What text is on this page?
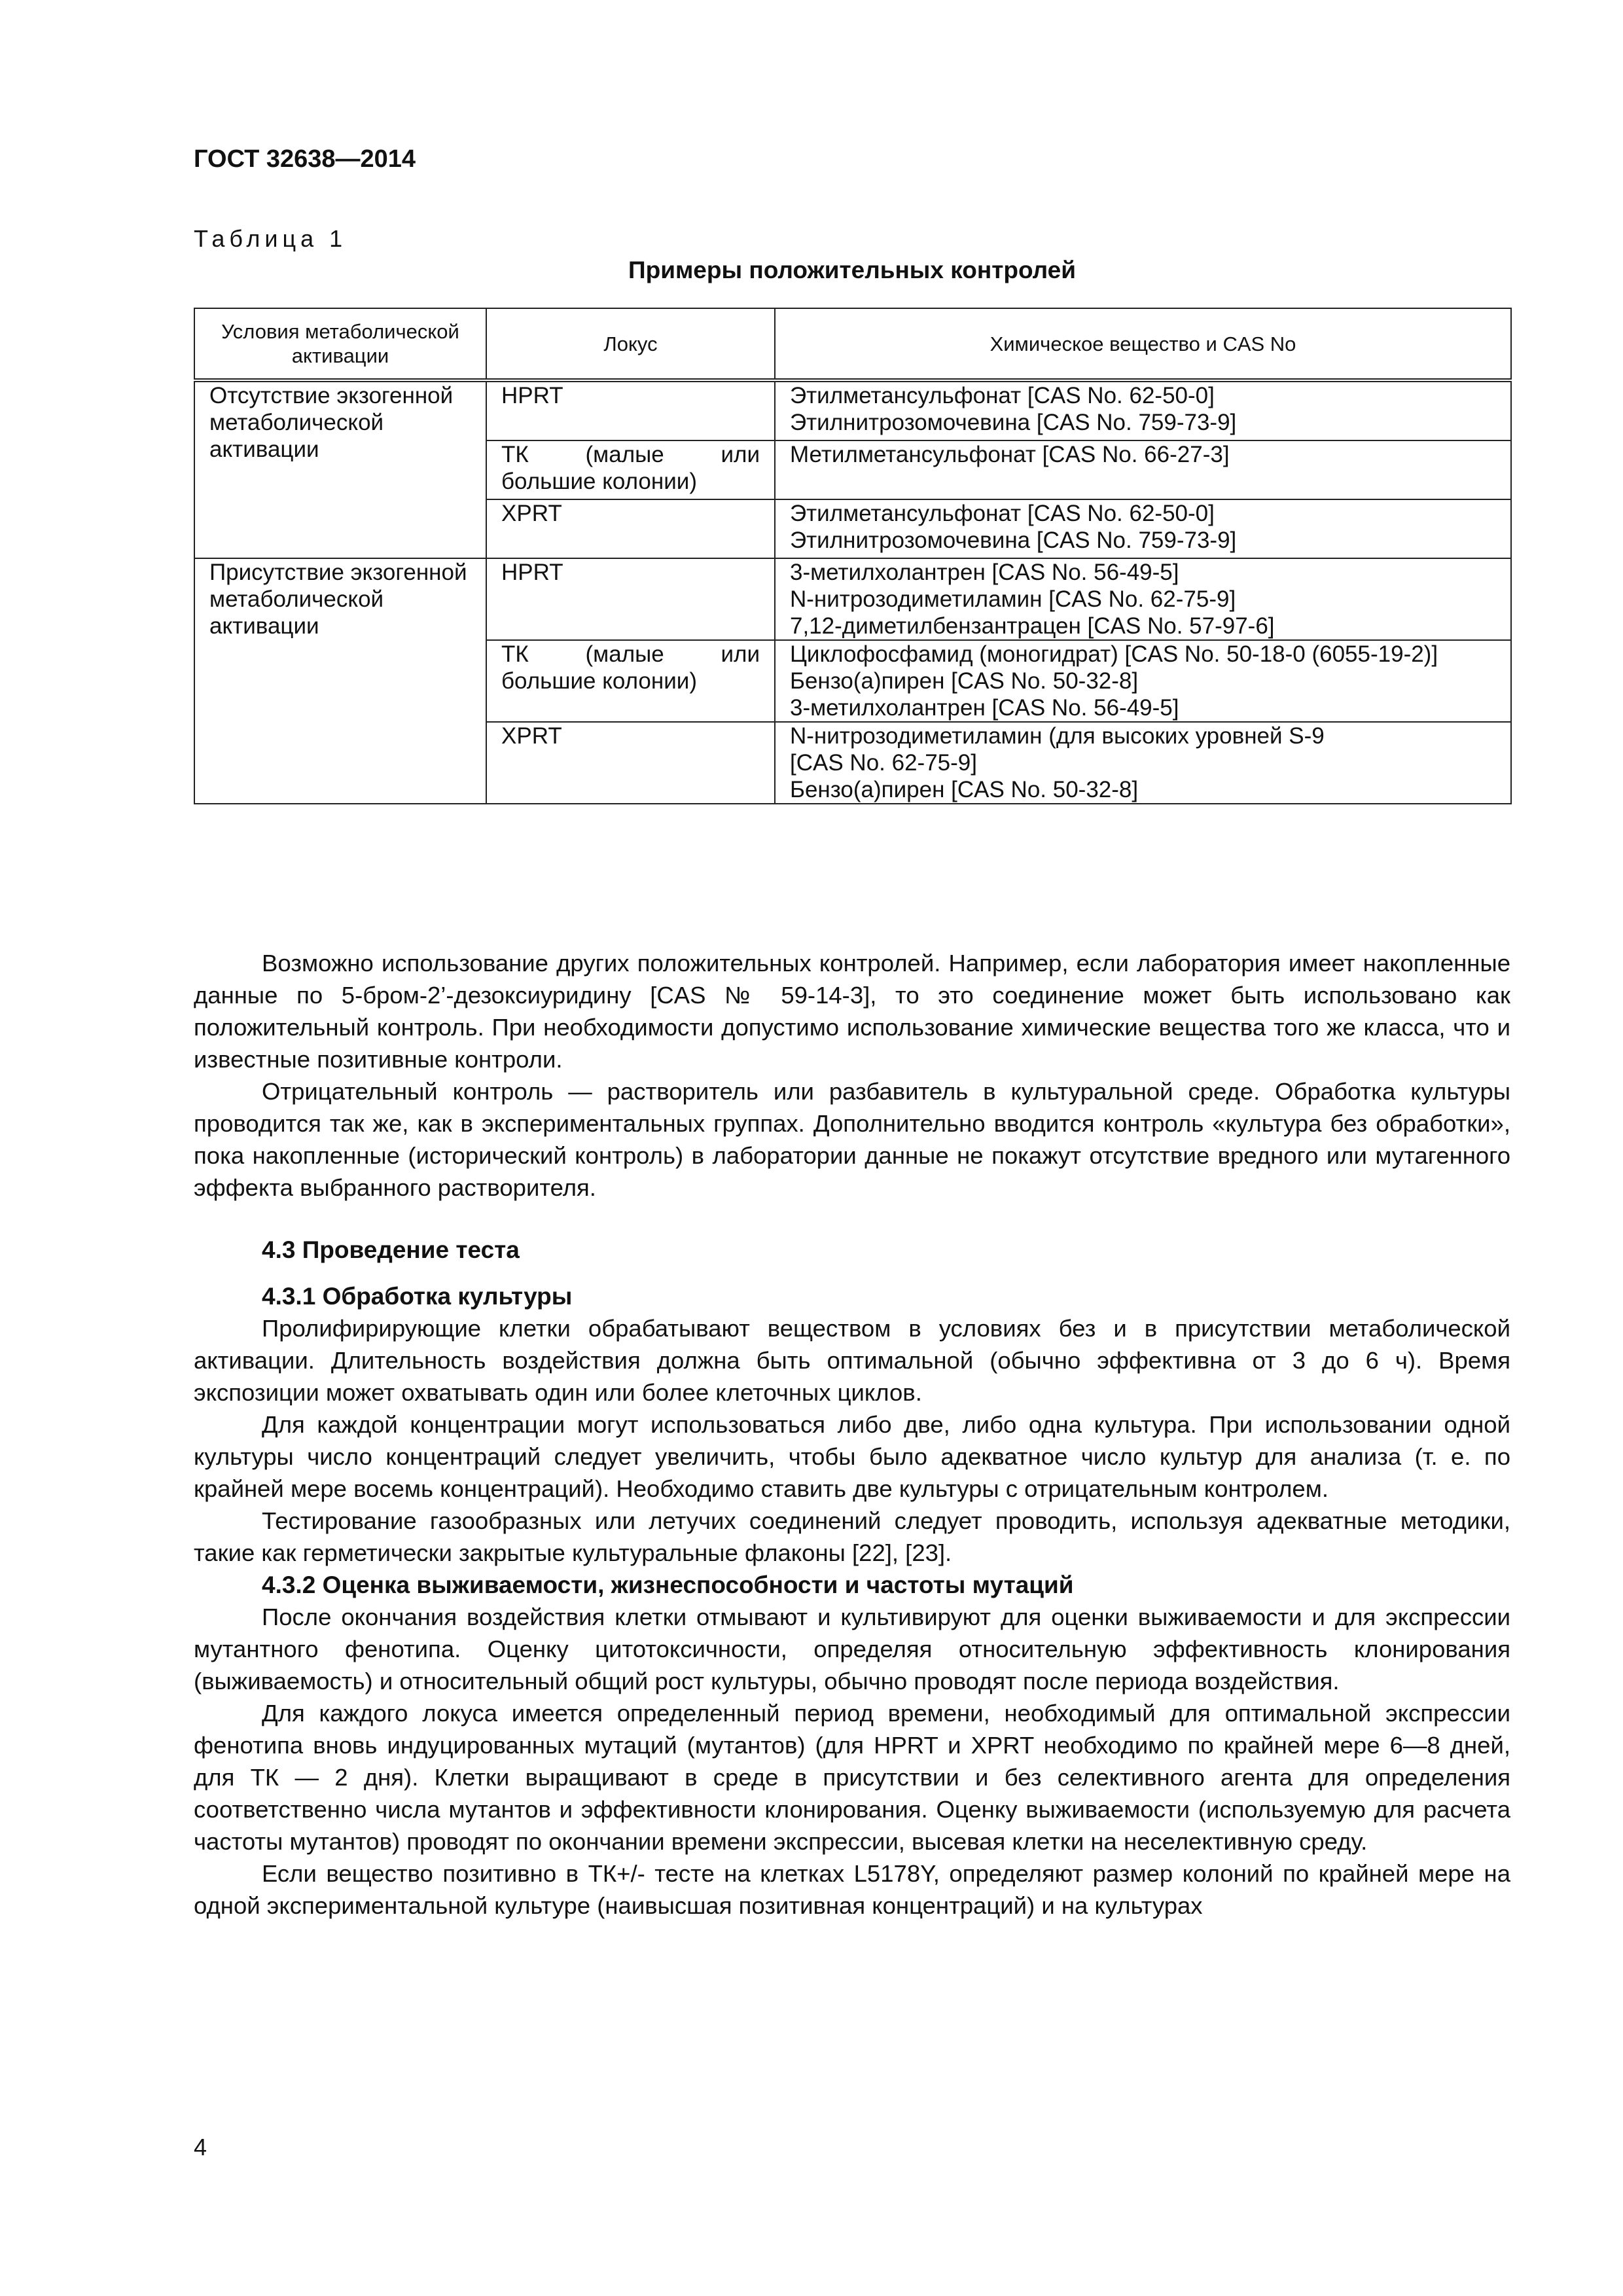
ГОСТ 32638—2014

Таблица 1

Примеры положительных контролей

Условия метаболической активации	Локус	Химическое вещество и CAS No
Отсутствие экзогенной метаболической активации	HPRT	Этилметансульфонат [CAS No. 62-50-0]
Этилнитрозомочевина [CAS No. 759-73-9]

	ТК (малые или
большие колонии)	Метилметансульфонат [CAS No. 66-27-3]

	XPRT	Этилметансульфонат [CAS No. 62-50-0]
Этилнитрозомочевина [CAS No. 759-73-9]

Присутствие экзогенной метаболической активации	HPRT	3-метилхолантрен [CAS No. 56-49-5]
N-нитрозодиметиламин [CAS No. 62-75-9]
7,12-диметилбензантрацен [CAS No. 57-97-6]

	ТК (малые или
большие колонии)	Циклофосфамид (моногидрат) [CAS No. 50-18-0 (6055-19-2)]
Бензо(а)пирен [CAS No. 50-32-8]
3-метилхолантрен [CAS No. 56-49-5]

	XPRT	N-нитрозодиметиламин (для высоких уровней S-9
[CAS No. 62-75-9]
Бензо(а)пирен [CAS No. 50-32-8]

Возможно использование других положительных контролей. Например, если лаборатория имеет накопленные данные по 5-бром-2’-дезоксиуридину [CAS № 59-14-3], то это соединение может быть использовано как положительный контроль. При необходимости допустимо использование химические вещества того же класса, что и известные позитивные контроли.

Отрицательный контроль — растворитель или разбавитель в культуральной среде. Обработка культуры проводится так же, как в экспериментальных группах. Дополнительно вводится контроль «культура без обработки», пока накопленные (исторический контроль) в лаборатории данные не покажут отсутствие вредного или мутагенного эффекта выбранного растворителя.

4.3 Проведение теста
4.3.1 Обработка культуры

Пролифирирующие клетки обрабатывают веществом в условиях без и в присутствии метаболической активации. Длительность воздействия должна быть оптимальной (обычно эффективна от 3 до 6 ч). Время экспозиции может охватывать один или более клеточных циклов.

Для каждой концентрации могут использоваться либо две, либо одна культура. При использовании одной культуры число концентраций следует увеличить, чтобы было адекватное число культур для анализа (т. е. по крайней мере восемь концентраций). Необходимо ставить две культуры с отрицательным контролем.

Тестирование газообразных или летучих соединений следует проводить, используя адекватные методики, такие как герметически закрытые культуральные флаконы [22], [23].

4.3.2 Оценка выживаемости, жизнеспособности и частоты мутаций

После окончания воздействия клетки отмывают и культивируют для оценки выживаемости и для экспрессии мутантного фенотипа. Оценку цитотоксичности, определяя относительную эффективность клонирования (выживаемость) и относительный общий рост культуры, обычно проводят после периода воздействия.

Для каждого локуса имеется определенный период времени, необходимый для оптимальной экспрессии фенотипа вновь индуцированных мутаций (мутантов) (для HPRT и XPRT необходимо по крайней мере 6—8 дней, для ТК — 2 дня). Клетки выращивают в среде в присутствии и без селективного агента для определения соответственно числа мутантов и эффективности клонирования. Оценку выживаемости (используемую для расчета частоты мутантов) проводят по окончании времени экспрессии, высевая клетки на неселективную среду.

Если вещество позитивно в ТК+/- тесте на клетках L5178Y, определяют размер колоний по крайней мере на одной экспериментальной культуре (наивысшая позитивная концентраций) и на культурах

4
